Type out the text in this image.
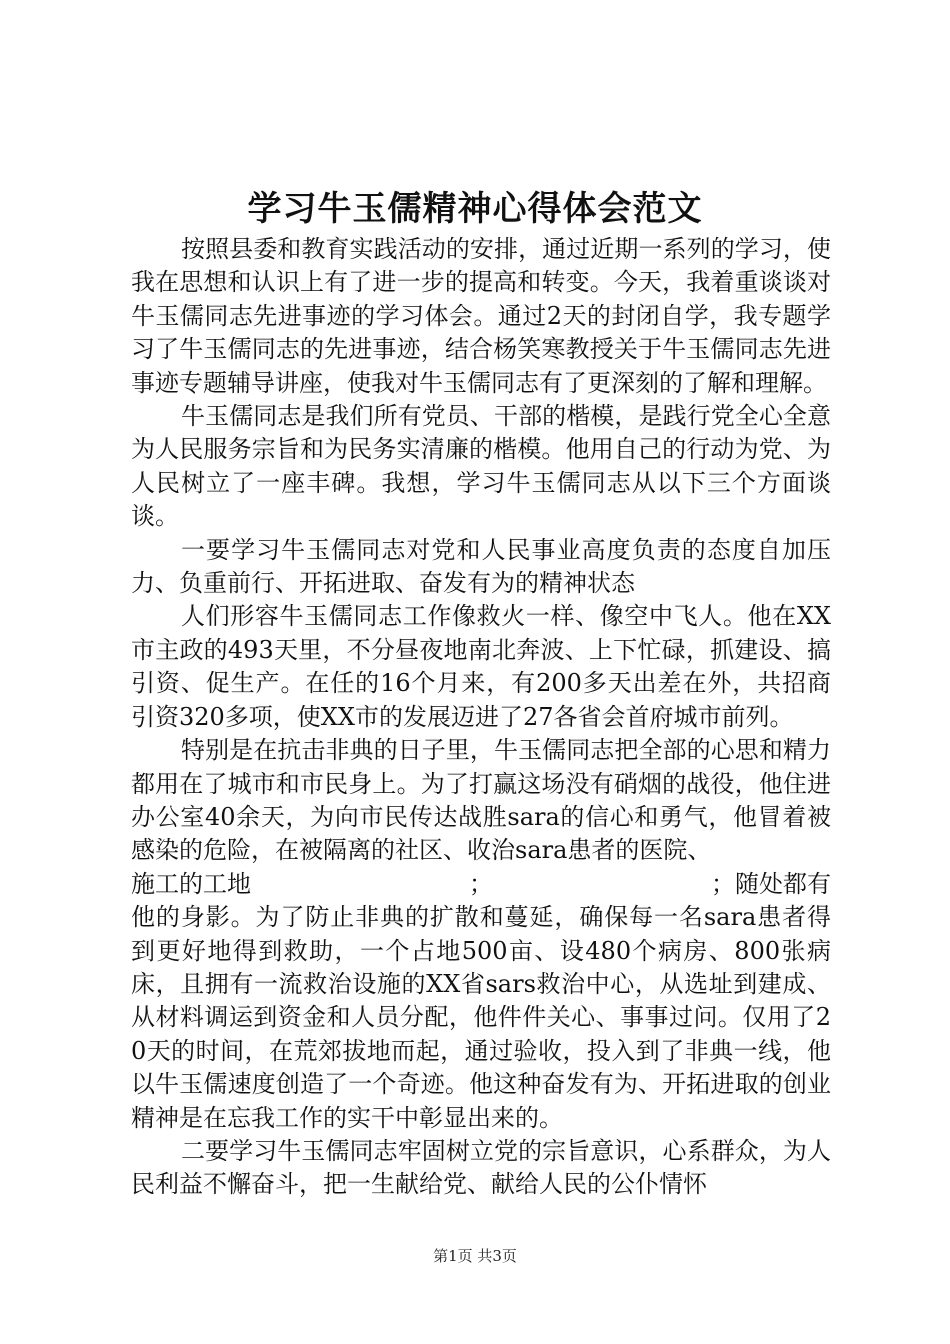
学习牛玉儒精神心得体会范文

按照县委和教育实践活动的安排，通过近期一系列的学习，使我在思想和认识上有了进一步的提高和转变。今天，我着重谈谈对牛玉儒同志先进事迹的学习体会。通过2天的封闭自学，我专题学习了牛玉儒同志的先进事迹，结合杨笑寒教授关于牛玉儒同志先进事迹专题辅导讲座，使我对牛玉儒同志有了更深刻的了解和理解。

牛玉儒同志是我们所有党员、干部的楷模，是践行党全心全意为人民服务宗旨和为民务实清廉的楷模。他用自己的行动为党、为人民树立了一座丰碑。我想，学习牛玉儒同志从以下三个方面谈谈。

一要学习牛玉儒同志对党和人民事业高度负责的态度自加压力、负重前行、开拓进取、奋发有为的精神状态

人们形容牛玉儒同志工作像救火一样、像空中飞人。他在XX市主政的493天里，不分昼夜地南北奔波、上下忙碌，抓建设、搞引资、促生产。在任的16个月来，有200多天出差在外，共招商引资320多项，使XX市的发展迈进了27各省会首府城市前列。

特别是在抗击非典的日子里，牛玉儒同志把全部的心思和精力都用在了城市和市民身上。为了打赢这场没有硝烟的战役，他住进办公室40余天，为向市民传达战胜sara的信心和勇气，他冒着被感染的危险，在被隔离的社区、收治sara患者的医院、

施工的工地	；	；随处都有

他的身影。为了防止非典的扩散和蔓延，确保每一名sara患者得到更好地得到救助，一个占地500亩、设480个病房、800张病床，且拥有一流救治设施的XX省sars救治中心，从选址到建成、从材料调运到资金和人员分配，他件件关心、事事过问。仅用了20天的时间，在荒郊拔地而起，通过验收，投入到了非典一线，他以牛玉儒速度创造了一个奇迹。他这种奋发有为、开拓进取的创业精神是在忘我工作的实干中彰显出来的。

二要学习牛玉儒同志牢固树立党的宗旨意识，心系群众，为人民利益不懈奋斗，把一生献给党、献给人民的公仆情怀

第1页 共3页
